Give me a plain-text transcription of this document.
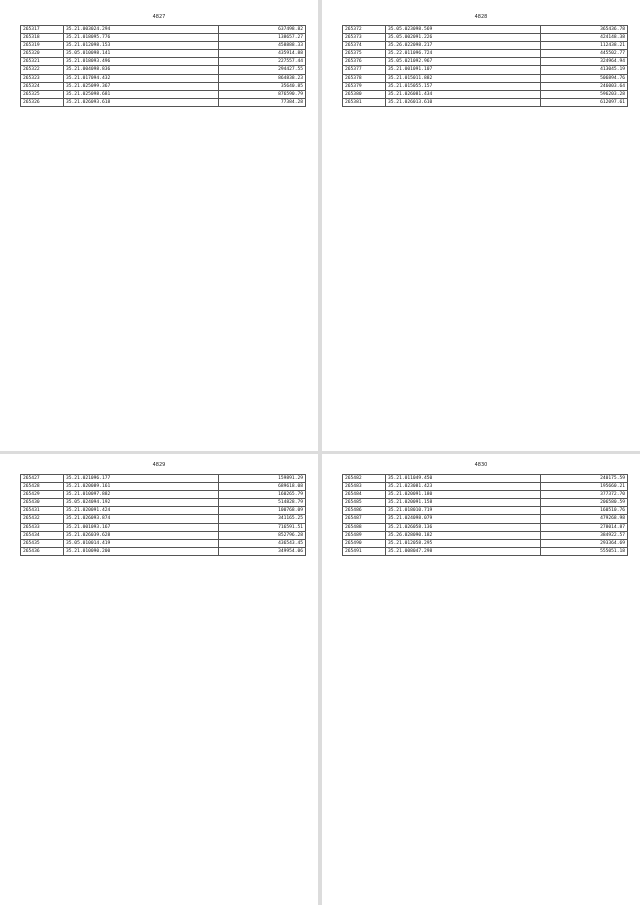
4827
265317	35.21.003024.294	637498.82
265318	35.21.018095.776	138657.27
265319	35.21.012098.153	458888.33
265320	35.05.010098.141	435914.88
265321	35.21.018093.496	227557.44
265322	35.21.004098.836	294427.55
265323	35.21.017094.432	864838.23
265324	35.21.025099.367	35640.85
265325	35.21.025098.681	876590.79
265326	35.21.026093.618	77384.28
4828
265372	35.05.023098.569	365436.78
265373	35.05.002091.226	424148.38
265374	35.26.022098.217	112438.21
265375	35.22.011096.724	445502.77
265376	35.05.021092.967	324964.94
265377	35.21.001091.107	413045.19
265378	35.21.015011.882	506894.76
265379	35.21.015055.157	246003.64
265380	35.21.026081.434	596203.28
265381	35.21.026013.610	612097.61
4829
265427	35.21.021096.177	159891.29
265428	35.21.020089.161	689618.08
265429	35.21.010097.882	160265.79
265430	35.05.024094.192	514828.79
265431	35.21.020091.424	100768.09
265432	35.21.026093.874	341165.25
265433	35.21.001093.167	716591.51
265434	35.21.026039.628	852796.28
265435	35.05.010014.419	436543.45
265436	35.21.010090.200	349954.06
4830
265482	35.21.011049.450	240175.59
265483	35.21.023081.423	195660.21
265484	35.21.020091.180	377372.70
265485	35.21.020091.158	206580.59
265486	35.21.018010.719	160510.76
265487	35.21.024098.079	479268.98
265488	35.21.026058.136	278014.87
265489	35.26.028090.182	384922.57
265490	35.21.012058.295	293364.69
265491	35.21.008047.298	555051.18
